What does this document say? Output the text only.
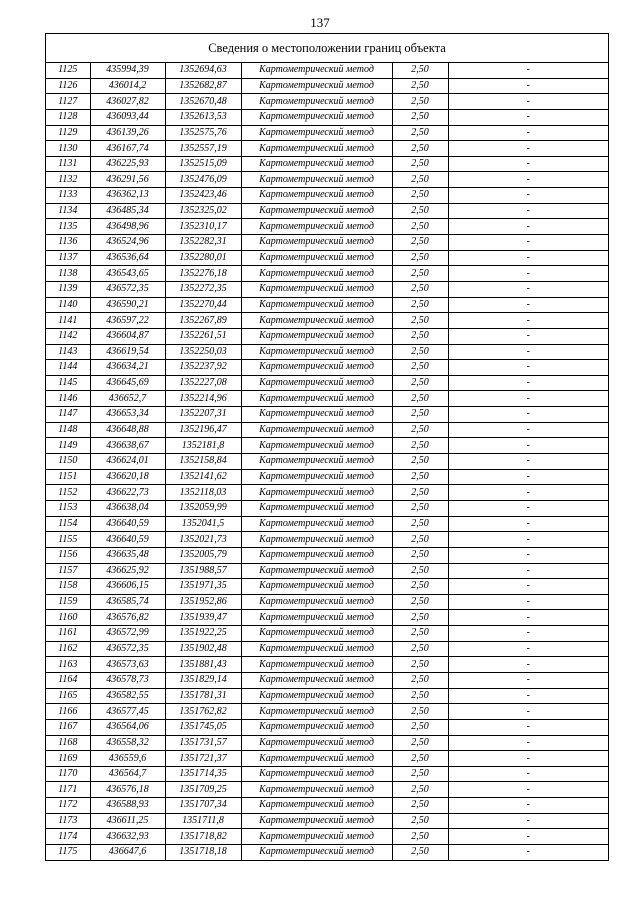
137
Сведения о местоположении границ объекта
1125	435994,39	1352694,63	Картометрический метод	2,50	-
1126	436014,2	1352682,87	Картометрический метод	2,50	-
1127	436027,82	1352670,48	Картометрический метод	2,50	-
1128	436093,44	1352613,53	Картометрический метод	2,50	-
1129	436139,26	1352575,76	Картометрический метод	2,50	-
1130	436167,74	1352557,19	Картометрический метод	2,50	-
1131	436225,93	1352515,09	Картометрический метод	2,50	-
1132	436291,56	1352476,09	Картометрический метод	2,50	-
1133	436362,13	1352423,46	Картометрический метод	2,50	-
1134	436485,34	1352325,02	Картометрический метод	2,50	-
1135	436498,96	1352310,17	Картометрический метод	2,50	-
1136	436524,96	1352282,31	Картометрический метод	2,50	-
1137	436536,64	1352280,01	Картометрический метод	2,50	-
1138	436543,65	1352276,18	Картометрический метод	2,50	-
1139	436572,35	1352272,35	Картометрический метод	2,50	-
1140	436590,21	1352270,44	Картометрический метод	2,50	-
1141	436597,22	1352267,89	Картометрический метод	2,50	-
1142	436604,87	1352261,51	Картометрический метод	2,50	-
1143	436619,54	1352250,03	Картометрический метод	2,50	-
1144	436634,21	1352237,92	Картометрический метод	2,50	-
1145	436645,69	1352227,08	Картометрический метод	2,50	-
1146	436652,7	1352214,96	Картометрический метод	2,50	-
1147	436653,34	1352207,31	Картометрический метод	2,50	-
1148	436648,88	1352196,47	Картометрический метод	2,50	-
1149	436638,67	1352181,8	Картометрический метод	2,50	-
1150	436624,01	1352158,84	Картометрический метод	2,50	-
1151	436620,18	1352141,62	Картометрический метод	2,50	-
1152	436622,73	1352118,03	Картометрический метод	2,50	-
1153	436638,04	1352059,99	Картометрический метод	2,50	-
1154	436640,59	1352041,5	Картометрический метод	2,50	-
1155	436640,59	1352021,73	Картометрический метод	2,50	-
1156	436635,48	1352005,79	Картометрический метод	2,50	-
1157	436625,92	1351988,57	Картометрический метод	2,50	-
1158	436606,15	1351971,35	Картометрический метод	2,50	-
1159	436585,74	1351952,86	Картометрический метод	2,50	-
1160	436576,82	1351939,47	Картометрический метод	2,50	-
1161	436572,99	1351922,25	Картометрический метод	2,50	-
1162	436572,35	1351902,48	Картометрический метод	2,50	-
1163	436573,63	1351881,43	Картометрический метод	2,50	-
1164	436578,73	1351829,14	Картометрический метод	2,50	-
1165	436582,55	1351781,31	Картометрический метод	2,50	-
1166	436577,45	1351762,82	Картометрический метод	2,50	-
1167	436564,06	1351745,05	Картометрический метод	2,50	-
1168	436558,32	1351731,57	Картометрический метод	2,50	-
1169	436559,6	1351721,37	Картометрический метод	2,50	-
1170	436564,7	1351714,35	Картометрический метод	2,50	-
1171	436576,18	1351709,25	Картометрический метод	2,50	-
1172	436588,93	1351707,34	Картометрический метод	2,50	-
1173	436611,25	1351711,8	Картометрический метод	2,50	-
1174	436632,93	1351718,82	Картометрический метод	2,50	-
1175	436647,6	1351718,18	Картометрический метод	2,50	-
